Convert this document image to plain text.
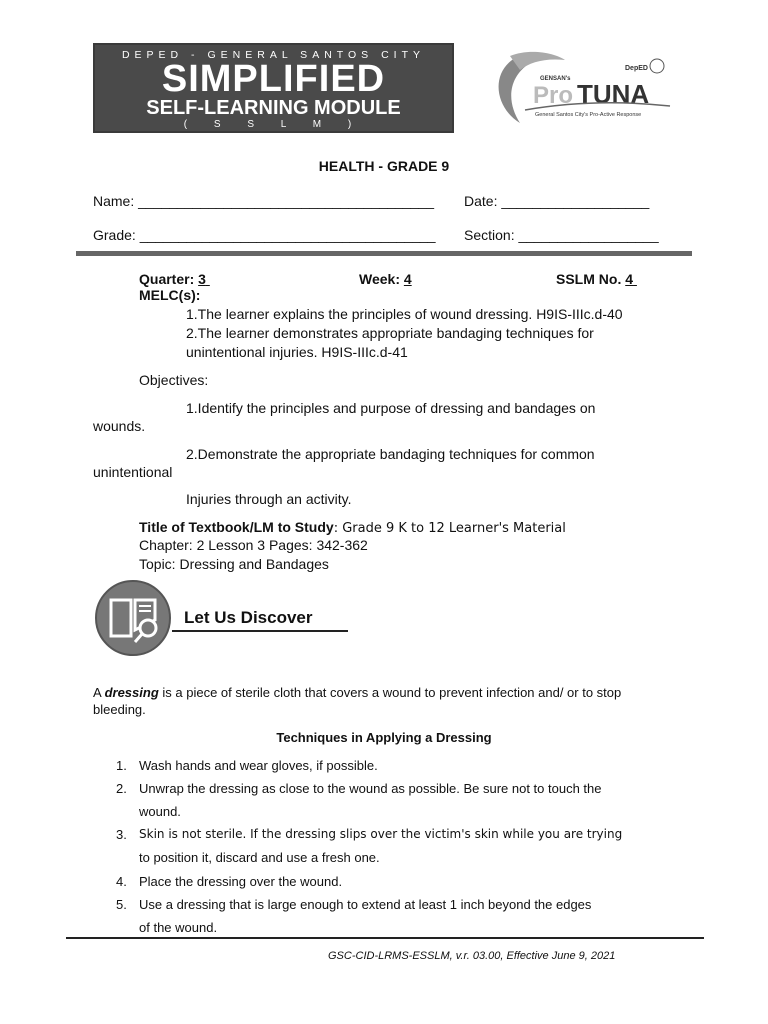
DEPED - GENERAL SANTOS CITY
SIMPLIFIED
SELF-LEARNING MODULE
( S S L M )
GENSAN's
Pro TUNA
DepED
General Santos City's Pro-Active Response
HEALTH - GRADE 9
Name: ______________________________________ Date: ___________________
Grade: ______________________________________ Section: __________________
Quarter: 3	Week: 4	SSLM No. 4
MELC(s):
1.The learner explains the principles of wound dressing. H9IS-IIIc.d-40
2.The learner demonstrates appropriate bandaging techniques for
unintentional injuries. H9IS-IIIc.d-41
Objectives:
1.Identify the principles and purpose of dressing and bandages on
wounds.
2.Demonstrate the appropriate bandaging techniques for common
unintentional
Injuries through an activity.
Title of Textbook/LM to Study: Grade 9 K to 12 Learner's Material
Chapter: 2 Lesson 3 Pages: 342-362
Topic: Dressing and Bandages
Let Us Discover
A dressing is a piece of sterile cloth that covers a wound to prevent infection and/ or to stop
bleeding.
Techniques in Applying a Dressing
1. Wash hands and wear gloves, if possible.
2. Unwrap the dressing as close to the wound as possible. Be sure not to touch the
wound.
3. Skin is not sterile. If the dressing slips over the victim's skin while you are trying
to position it, discard and use a fresh one.
4. Place the dressing over the wound.
5. Use a dressing that is large enough to extend at least 1 inch beyond the edges
of the wound.
GSC-CID-LRMS-ESSLM, v.r. 03.00, Effective June 9, 2021
